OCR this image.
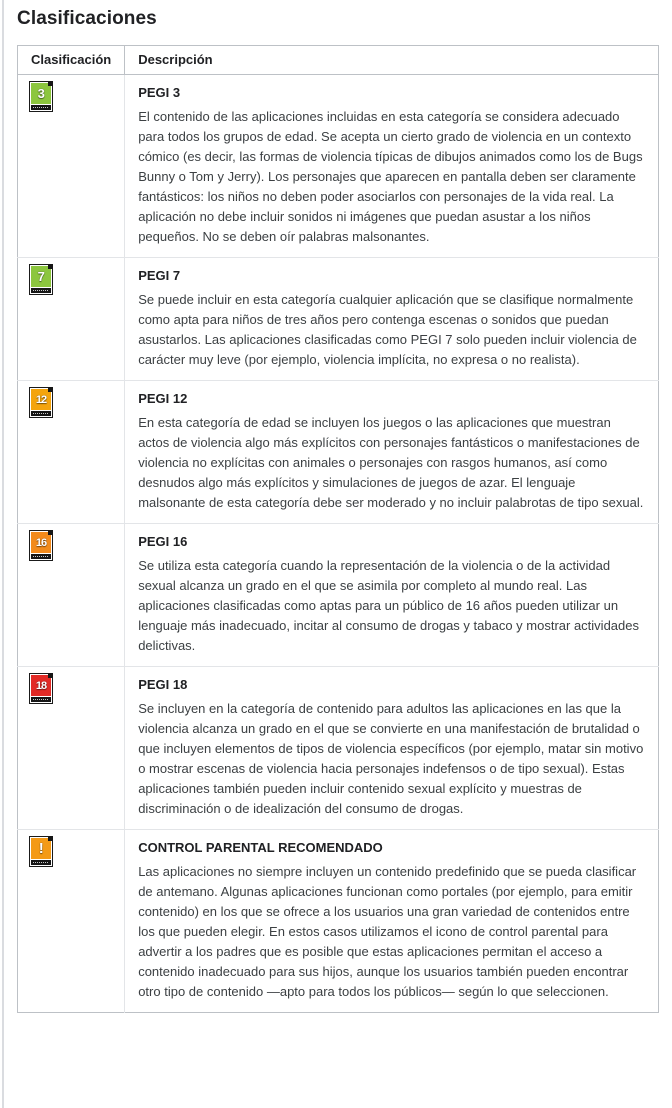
Clasificaciones
Clasificación	Descripción

3	PEGI 3

El contenido de las aplicaciones incluidas en esta categoría se considera adecuado para todos los grupos de edad. Se acepta un cierto grado de violencia en un contexto cómico (es decir, las formas de violencia típicas de dibujos animados como los de Bugs Bunny o Tom y Jerry). Los personajes que aparecen en pantalla deben ser claramente fantásticos: los niños no deben poder asociarlos con personajes de la vida real. La aplicación no debe incluir sonidos ni imágenes que puedan asustar a los niños pequeños. No se deben oír palabras malsonantes.

7	PEGI 7

Se puede incluir en esta categoría cualquier aplicación que se clasifique normalmente como apta para niños de tres años pero contenga escenas o sonidos que puedan asustarlos. Las aplicaciones clasificadas como PEGI 7 solo pueden incluir violencia de carácter muy leve (por ejemplo, violencia implícita, no expresa o no realista).

12	PEGI 12

En esta categoría de edad se incluyen los juegos o las aplicaciones que muestran actos de violencia algo más explícitos con personajes fantásticos o manifestaciones de violencia no explícitas con animales o personajes con rasgos humanos, así como desnudos algo más explícitos y simulaciones de juegos de azar. El lenguaje malsonante de esta categoría debe ser moderado y no incluir palabrotas de tipo sexual.

16	PEGI 16

Se utiliza esta categoría cuando la representación de la violencia o de la actividad sexual alcanza un grado en el que se asimila por completo al mundo real. Las aplicaciones clasificadas como aptas para un público de 16 años pueden utilizar un lenguaje más inadecuado, incitar al consumo de drogas y tabaco y mostrar actividades delictivas.

18	PEGI 18

Se incluyen en la categoría de contenido para adultos las aplicaciones en las que la violencia alcanza un grado en el que se convierte en una manifestación de brutalidad o que incluyen elementos de tipos de violencia específicos (por ejemplo, matar sin motivo o mostrar escenas de violencia hacia personajes indefensos o de tipo sexual). Estas aplicaciones también pueden incluir contenido sexual explícito y muestras de discriminación o de idealización del consumo de drogas.

!	CONTROL PARENTAL RECOMENDADO

Las aplicaciones no siempre incluyen un contenido predefinido que se pueda clasificar de antemano. Algunas aplicaciones funcionan como portales (por ejemplo, para emitir contenido) en los que se ofrece a los usuarios una gran variedad de contenidos entre los que pueden elegir. En estos casos utilizamos el icono de control parental para advertir a los padres que es posible que estas aplicaciones permitan el acceso a contenido inadecuado para sus hijos, aunque los usuarios también pueden encontrar otro tipo de contenido —apto para todos los públicos— según lo que seleccionen.
